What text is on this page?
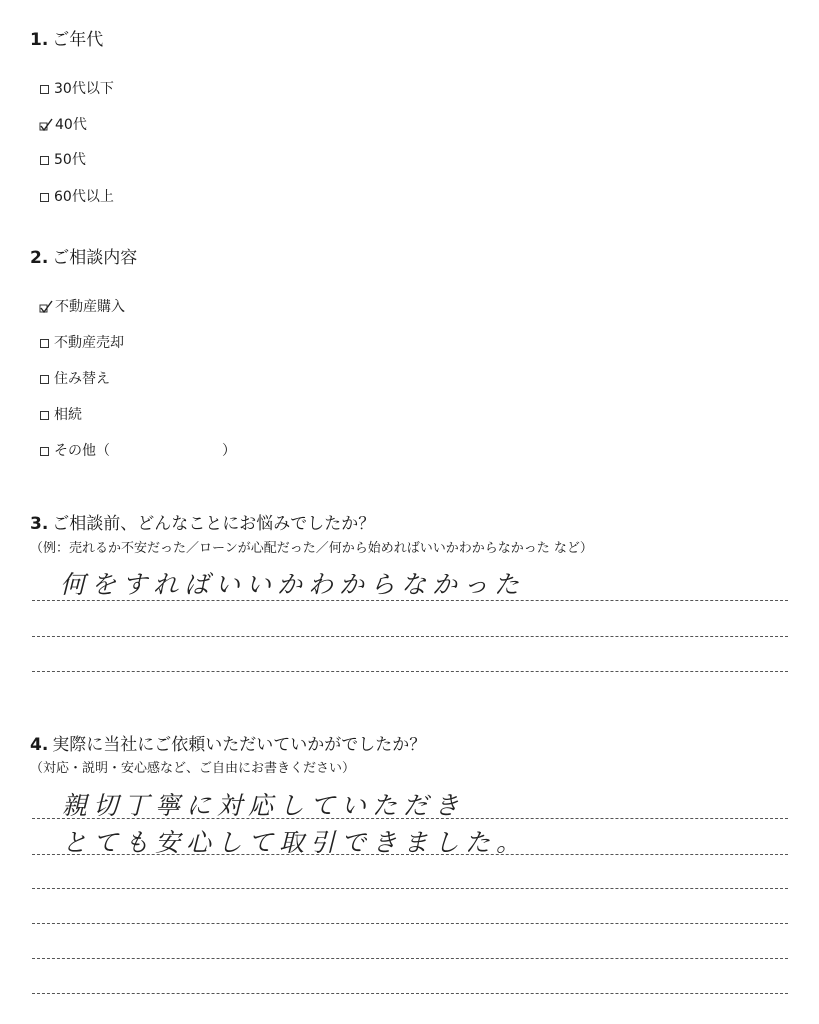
1. ご年代
30代以下
40代
50代
60代以上
2. ご相談内容
不動産購入
不動産売却
住み替え
相続
その他（	）
3. ご相談前、どんなことにお悩みでしたか？
（例：売れるか不安だった／ローンが心配だった／何から始めればいいかわからなかった など）
何をすればいいかわからなかった
4. 実際に当社にご依頼いただいていかがでしたか？
（対応・説明・安心感など、ご自由にお書きください）
親切丁寧に対応していただき
とても安心して取引できました。
